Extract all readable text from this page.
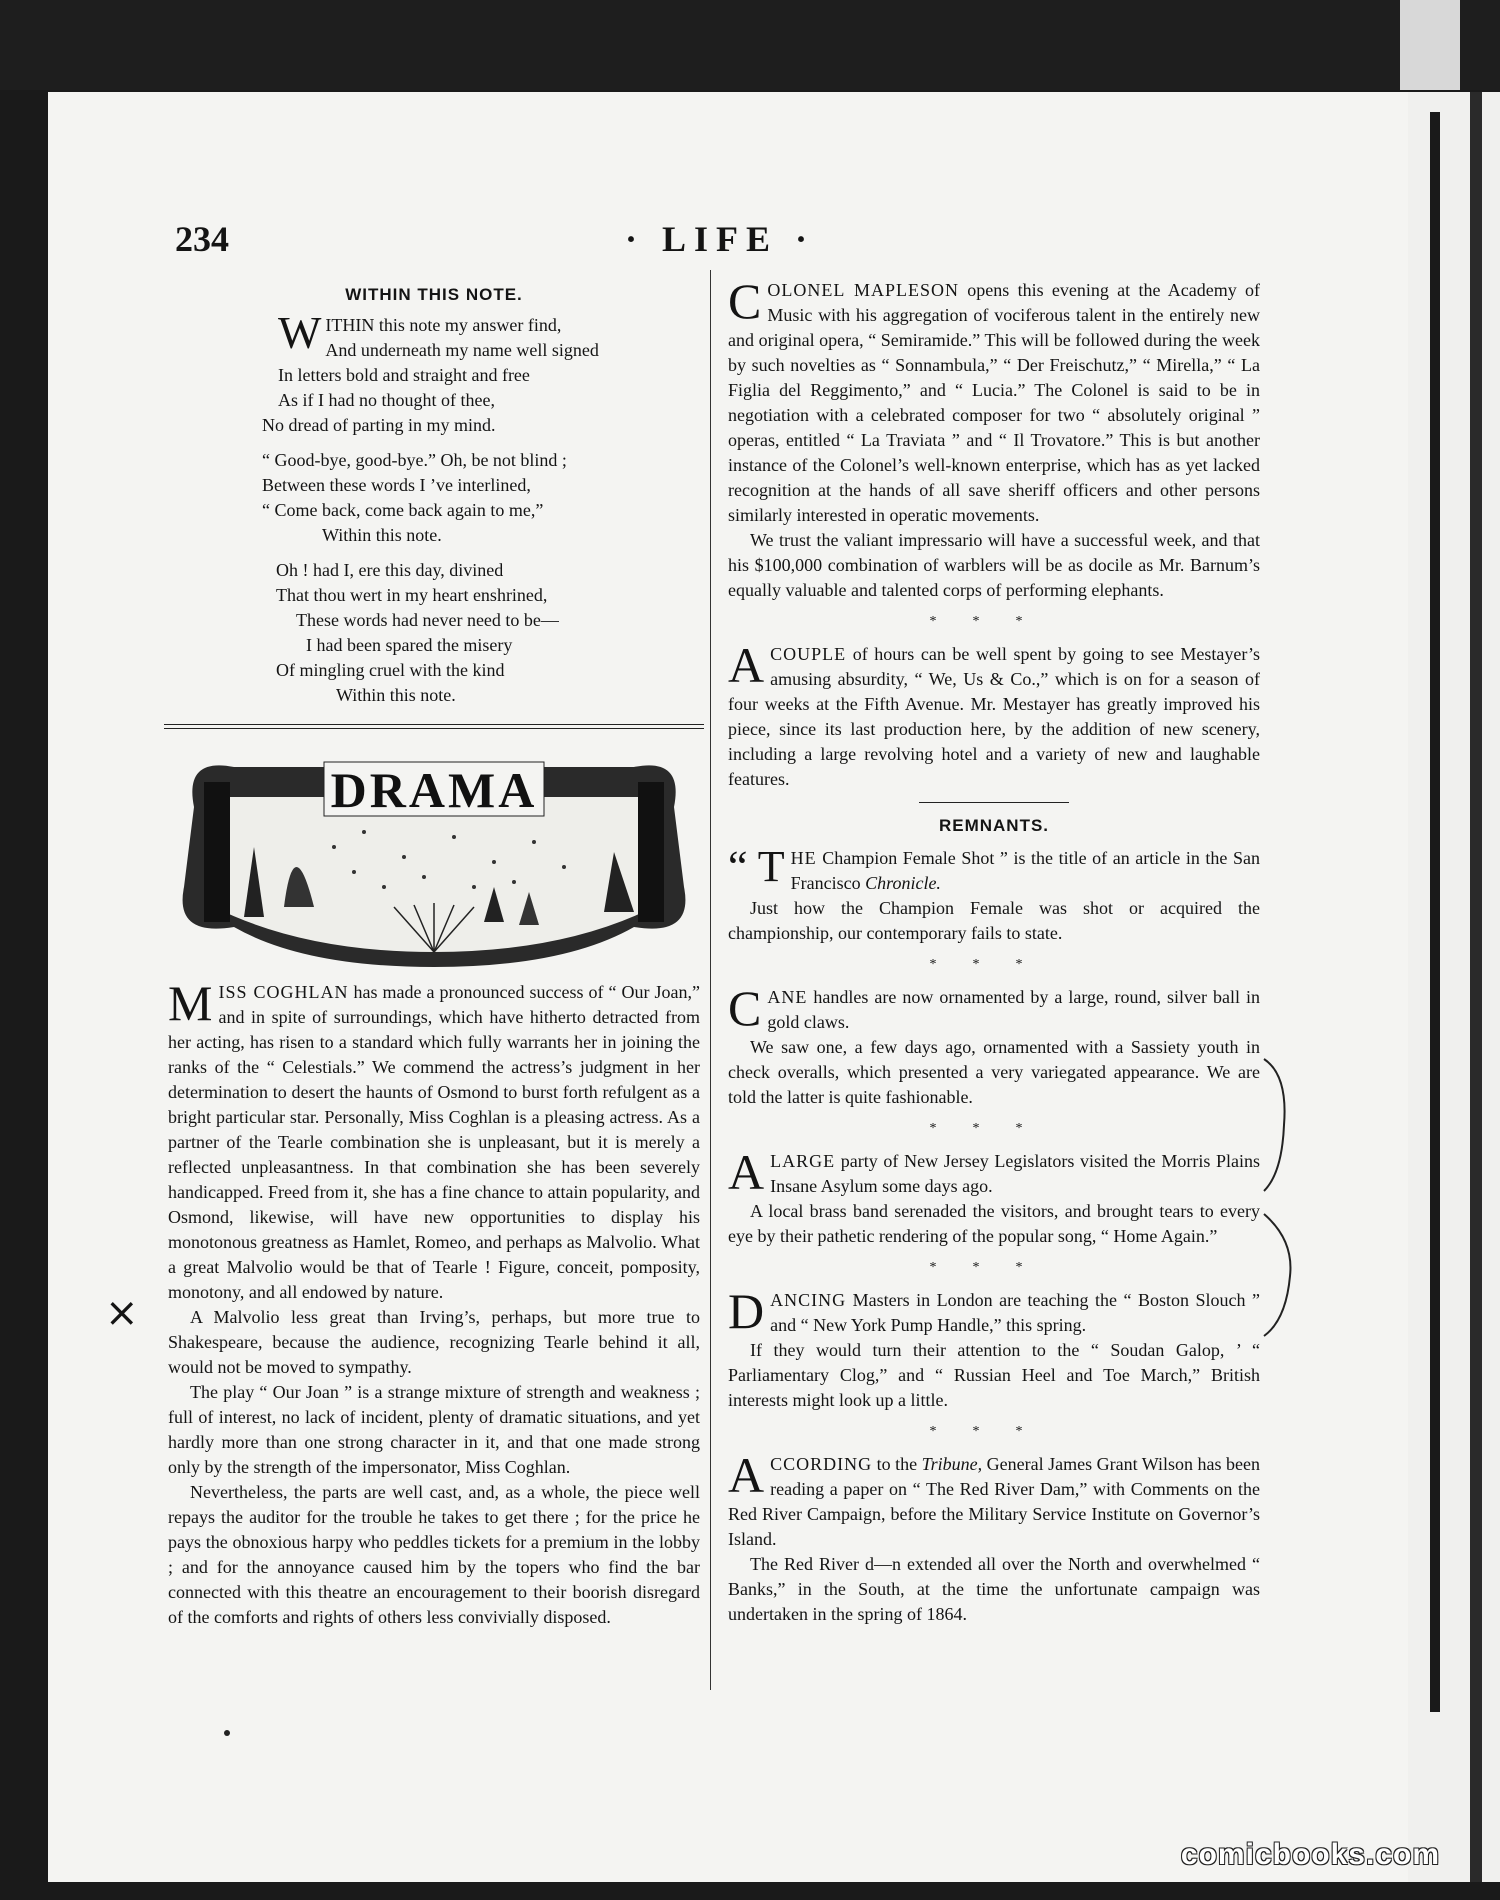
234	· LIFE ·
WITHIN THIS NOTE.
WITHIN this note my answer find,
And underneath my name well signed
In letters bold and straight and free
As if I had no thought of thee,
No dread of parting in my mind.
“ Good-bye, good-bye.” Oh, be not blind ;
Between these words I ’ve interlined,
“ Come back, come back again to me,”
Within this note.
Oh ! had I, ere this day, divined
That thou wert in my heart enshrined,
These words had never need to be—
I had been spared the misery
Of mingling cruel with the kind
Within this note.
DRAMA

MISS COGHLAN has made a pronounced success of “ Our Joan,” and in spite of surroundings, which have hitherto detracted from her acting, has risen to a standard which fully warrants her in joining the ranks of the “ Celestials.” We commend the actress’s judgment in her determination to desert the haunts of Osmond to burst forth refulgent as a bright particular star. Personally, Miss Coghlan is a pleasing actress. As a partner of the Tearle combination she is unpleasant, but it is merely a reflected unpleasantness. In that combination she has been severely handicapped. Freed from it, she has a fine chance to attain popularity, and Osmond, likewise, will have new opportunities to display his monotonous greatness as Hamlet, Romeo, and perhaps as Malvolio. What a great Malvolio would be that of Tearle ! Figure, conceit, pomposity, monotony, and all endowed by nature.

A Malvolio less great than Irving’s, perhaps, but more true to Shakespeare, because the audience, recognizing Tearle behind it all, would not be moved to sympathy.

The play “ Our Joan ” is a strange mixture of strength and weakness ; full of interest, no lack of incident, plenty of dramatic situations, and yet hardly more than one strong character in it, and that one made strong only by the strength of the impersonator, Miss Coghlan.

Nevertheless, the parts are well cast, and, as a whole, the piece well repays the auditor for the trouble he takes to get there ; for the price he pays the obnoxious harpy who peddles tickets for a premium in the lobby ; and for the annoyance caused him by the topers who find the bar connected with this theatre an encouragement to their boorish disregard of the comforts and rights of others less convivially disposed.

COLONEL MAPLESON opens this evening at the Academy of Music with his aggregation of vociferous talent in the entirely new and original opera, “ Semiramide.” This will be followed during the week by such novelties as “ Sonnambula,” “ Der Freischutz,” “ Mirella,” “ La Figlia del Reggimento,” and “ Lucia.” The Colonel is said to be in negotiation with a celebrated composer for two “ absolutely original ” operas, entitled “ La Traviata ” and “ Il Trovatore.” This is but another instance of the Colonel’s well-known enterprise, which has as yet lacked recognition at the hands of all save sheriff officers and other persons similarly interested in operatic movements.

We trust the valiant impressario will have a successful week, and that his $100,000 combination of warblers will be as docile as Mr. Barnum’s equally valuable and talented corps of performing elephants.

***

A COUPLE of hours can be well spent by going to see Mestayer’s amusing absurdity, “ We, Us & Co.,” which is on for a season of four weeks at the Fifth Avenue. Mr. Mestayer has greatly improved his piece, since its last production here, by the addition of new scenery, including a large revolving hotel and a variety of new and laughable features.

REMNANTS.

“ T HE Champion Female Shot ” is the title of an article in the San Francisco Chronicle.

Just how the Champion Female was shot or acquired the championship, our contemporary fails to state.

***

CANE handles are now ornamented by a large, round, silver ball in gold claws.

We saw one, a few days ago, ornamented with a Sassiety youth in check overalls, which presented a very variegated appearance. We are told the latter is quite fashionable.

***

A LARGE party of New Jersey Legislators visited the Morris Plains Insane Asylum some days ago.

A local brass band serenaded the visitors, and brought tears to every eye by their pathetic rendering of the popular song, “ Home Again.”

***

DANCING Masters in London are teaching the “ Boston Slouch ” and “ New York Pump Handle,” this spring.

If they would turn their attention to the “ Soudan Galop, ’ “ Parliamentary Clog,” and “ Russian Heel and Toe March,” British interests might look up a little.

***

ACCORDING to the Tribune, General James Grant Wilson has been reading a paper on “ The Red River Dam,” with Comments on the Red River Campaign, before the Military Service Institute on Governor’s Island.

The Red River d—n extended all over the North and overwhelmed “ Banks,” in the South, at the time the unfortunate campaign was undertaken in the spring of 1864.

×
comicbooks.com
